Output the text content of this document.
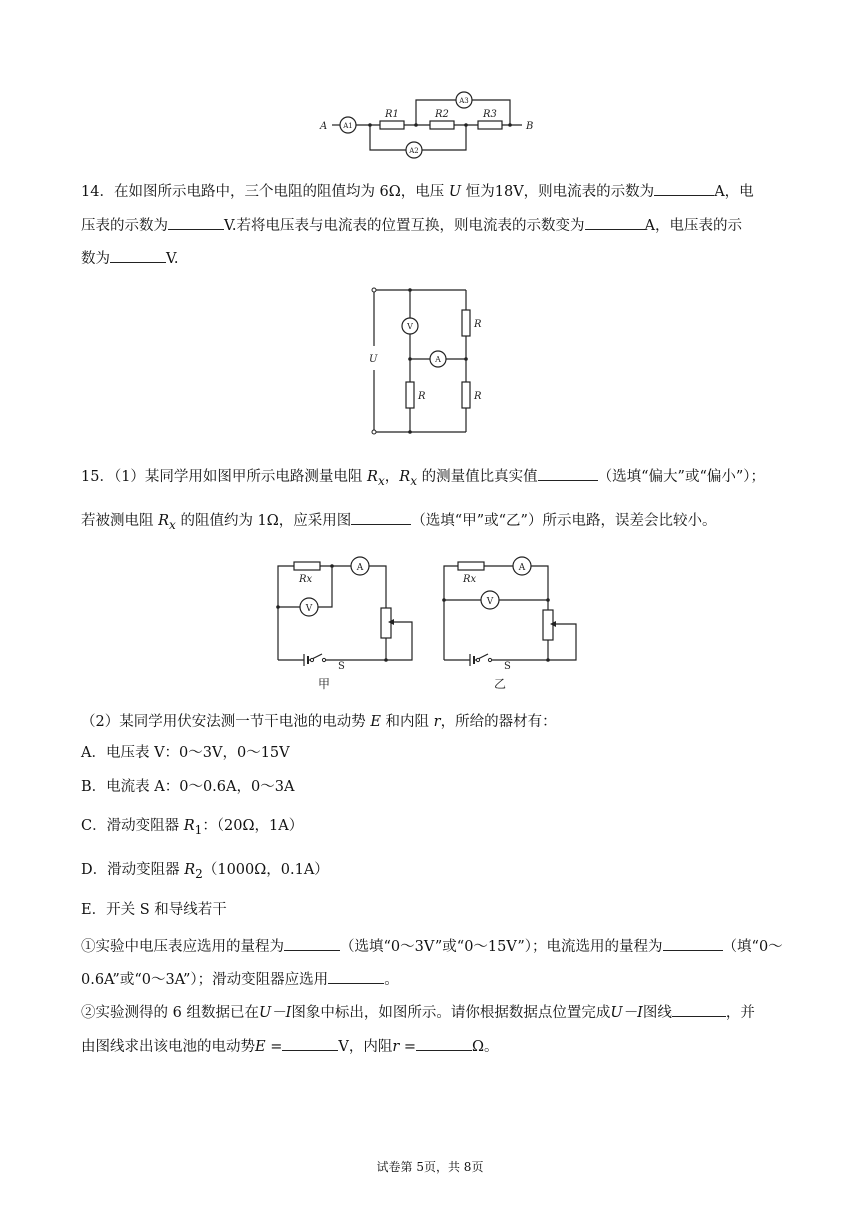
A	B
R1	R2	R3
A1
A3
A2
14．在如图所示电路中，三个电阻的阻值均为 6Ω，电压 U 恒为18V，则电流表的示数为	A，电
压表的示数为	V.若将电压表与电流表的位置互换，则电流表的示数变为	A，电压表的示
数为	V.
U
V
A
R
R	R
15．（1）某同学用如图甲所示电路测量电阻 $R_x$，$R_x$ 的测量值比真实值	（选填“偏大”或“偏小”）；
若被测电阻 $R_x$ 的阻值约为 1Ω，应采用图	（选填“甲”或“乙”）所示电路，误差会比较小。
Rx
A
V
S
甲
Rx
A
V
S
乙
（2）某同学用伏安法测一节干电池的电动势 E 和内阻 r，所给的器材有：
A．电压表 V：0～3V，0～15V
B．电流表 A：0～0.6A，0～3A
C．滑动变阻器 $R_1$：（20Ω，1A）
D．滑动变阻器 $R_2(1000\Omega$，0.1A）
E．开关 S 和导线若干
①实验中电压表应选用的量程为	（选填“0～3V”或“0～15V”）；电流选用的量程为	（填“0～
0.6A”或“0～3A”）；滑动变阻器应选用	。
②实验测得的 6 组数据已在U－I图象中标出，如图所示。请你根据数据点位置完成U－I图线	，并
由图线求出该电池的电动势E =	V，内阻r =	Ω。
试卷第 5页，共 8页
